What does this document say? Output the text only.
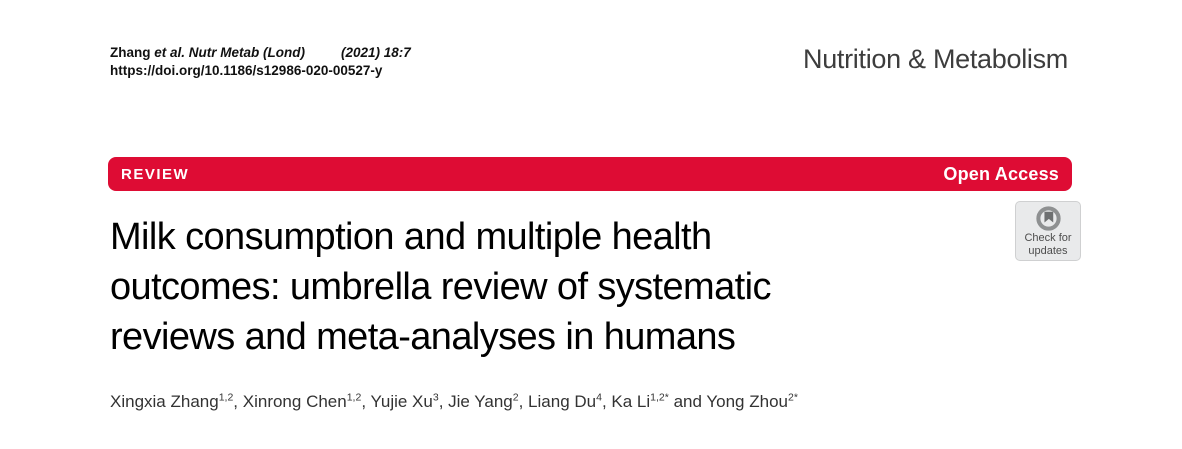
Zhang et al. Nutr Metab (Lond)	(2021) 18:7
https://doi.org/10.1186/s12986-020-00527-y	Nutrition & Metabolism
REVIEW	Open Access
Check for
updates
Milk consumption and multiple health
outcomes: umbrella review of systematic
reviews and meta-analyses in humans
Xingxia Zhang$^{1,2}$, Xinrong Chen$^{1,2}$, Yujie Xu$^3$, Jie Yang$^2$, Liang Du$^4$, Ka $Li^{1,2*}$ and Yong Zhou$^{2*}$
